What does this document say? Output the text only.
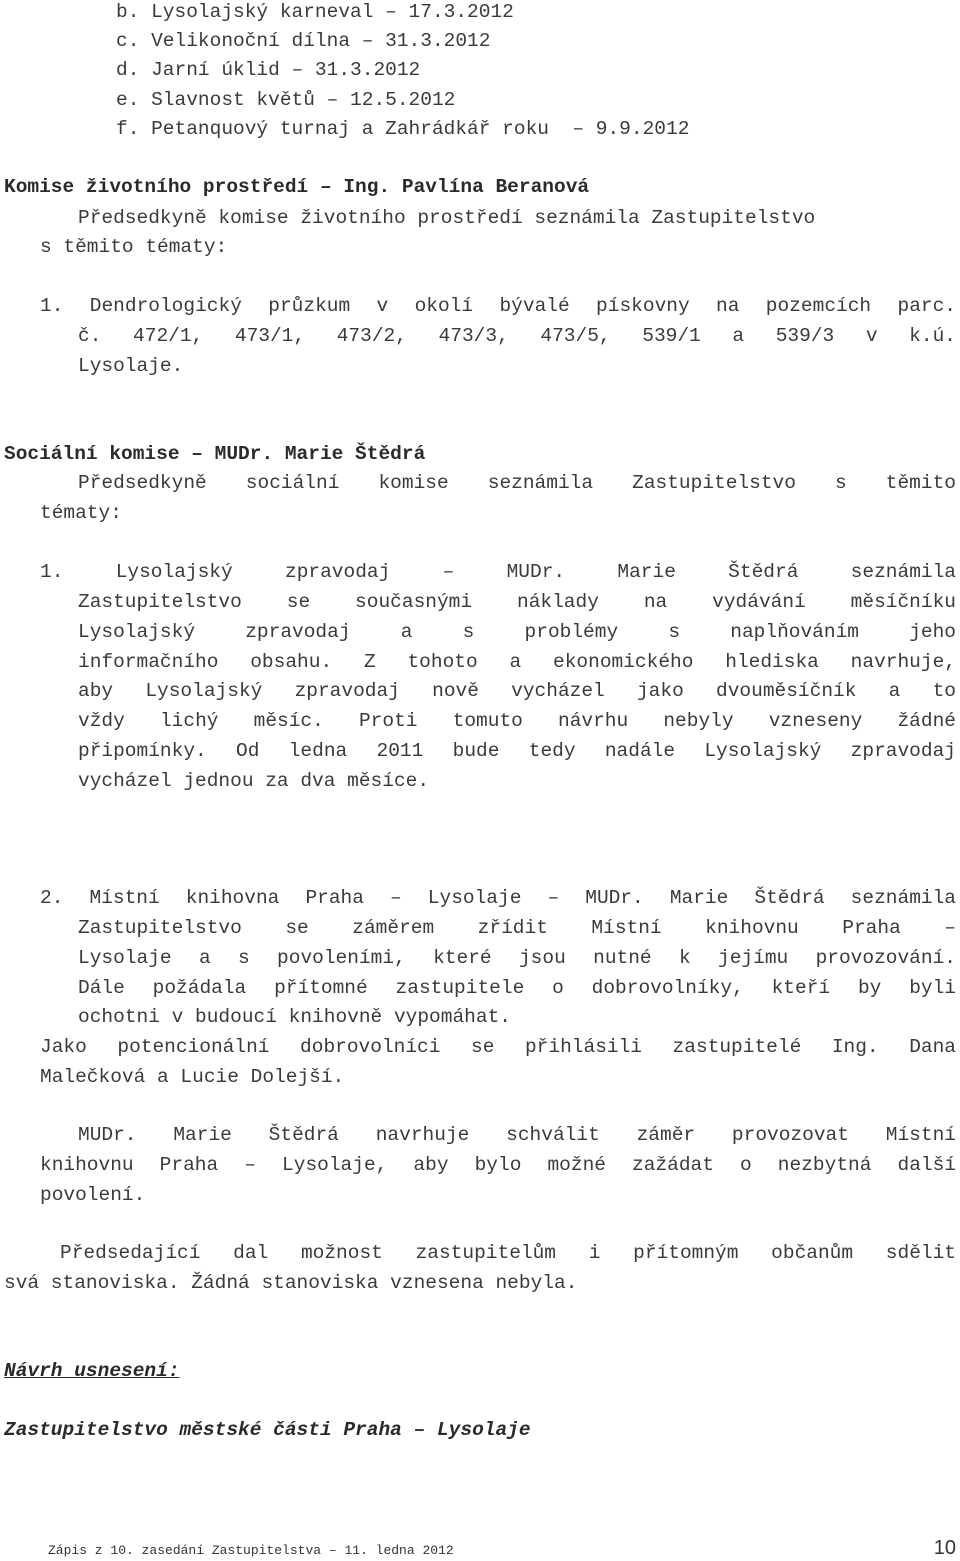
b. Lysolajský karneval – 17.3.2012
c. Velikonoční dílna – 31.3.2012
d. Jarní úklid – 31.3.2012
e. Slavnost květů – 12.5.2012
f. Petanquový turnaj a Zahrádkář roku  – 9.9.2012
Komise životního prostředí – Ing. Pavlína Beranová
Předsedkyně komise životního prostředí seznámila Zastupitelstvo
s těmito tématy:
1. Dendrologický průzkum v okolí bývalé pískovny na pozemcích parc.
č. 472/1, 473/1, 473/2, 473/3, 473/5, 539/1 a 539/3 v k.ú.
Lysolaje.
Sociální komise – MUDr. Marie Štědrá
Předsedkyně sociální komise seznámila Zastupitelstvo s těmito
tématy:
1. Lysolajský zpravodaj – MUDr. Marie Štědrá seznámila
Zastupitelstvo se současnými náklady na vydávání měsíčníku
Lysolajský zpravodaj a s problémy s naplňováním jeho
informačního obsahu. Z tohoto a ekonomického hlediska navrhuje,
aby Lysolajský zpravodaj nově vycházel jako dvouměsíčník a to
vždy lichý měsíc. Proti tomuto návrhu nebyly vzneseny žádné
připomínky. Od ledna 2011 bude tedy nadále Lysolajský zpravodaj
vycházel jednou za dva měsíce.
2. Místní knihovna Praha – Lysolaje – MUDr. Marie Štědrá seznámila
Zastupitelstvo se záměrem zřídit Místní knihovnu Praha –
Lysolaje a s povoleními, které jsou nutné k jejímu provozování.
Dále požádala přítomné zastupitele o dobrovolníky, kteří by byli
ochotni v budoucí knihovně vypomáhat.
Jako potencionální dobrovolníci se přihlásili zastupitelé Ing. Dana
Malečková a Lucie Dolejší.
MUDr. Marie Štědrá navrhuje schválit záměr provozovat Místní
knihovnu Praha – Lysolaje, aby bylo možné zažádat o nezbytná další
povolení.
Předsedající dal možnost zastupitelům i přítomným občanům sdělit
svá stanoviska. Žádná stanoviska vznesena nebyla.
Návrh usnesení:
Zastupitelstvo městské části Praha – Lysolaje
Zápis z 10. zasedání Zastupitelstva – 11. ledna 2012	10
